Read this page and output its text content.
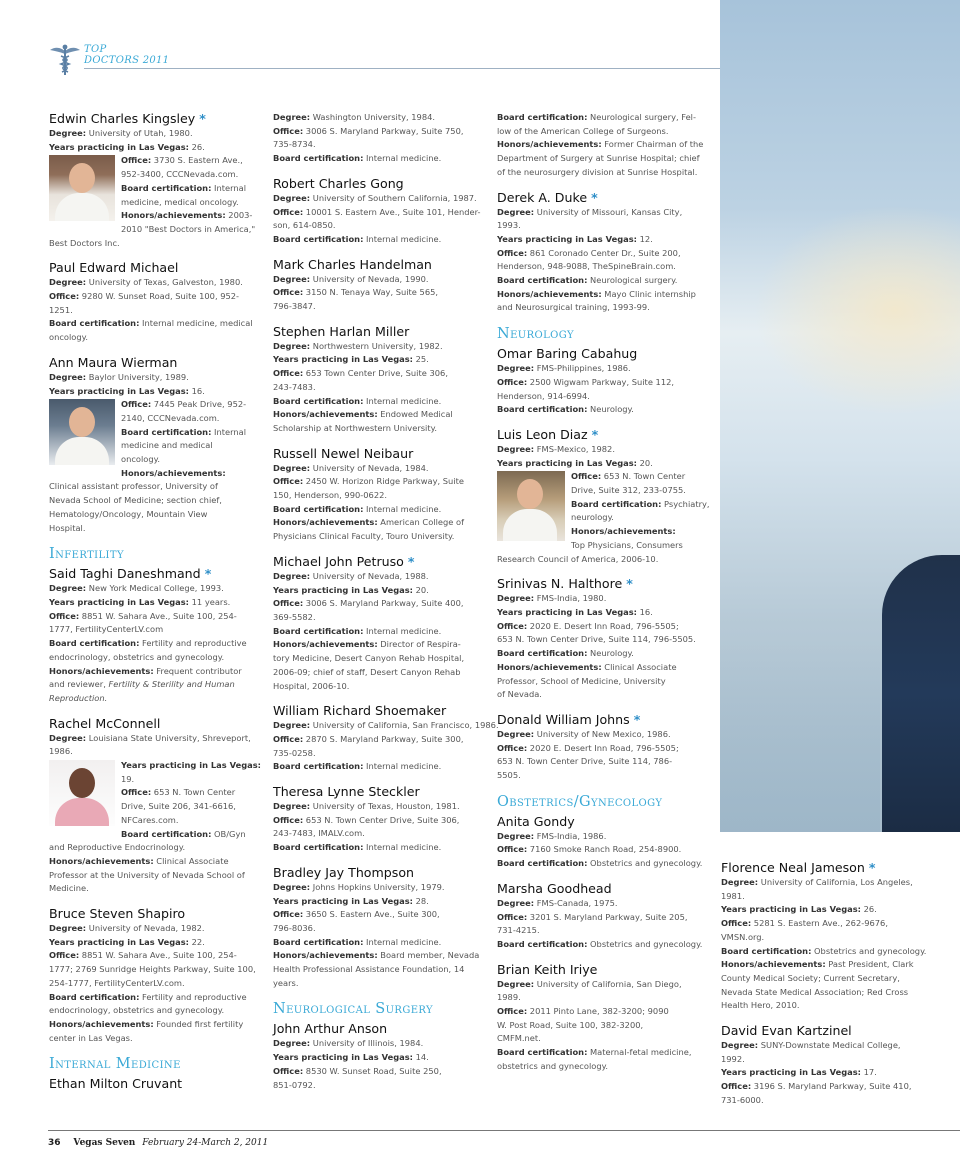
TOP
DOCTORS 2011
Edwin Charles Kingsley *
Degree: University of Utah, 1980.
Years practicing in Las Vegas: 26.
Office: 3730 S. Eastern Ave.,
952-3400, CCCNevada.com.
Board certification: Internal
medicine, medical oncology.
Honors/achievements: 2003-
2010 "Best Doctors in America,"
Best Doctors Inc.
Paul Edward Michael
Degree: University of Texas, Galveston, 1980.
Office: 9280 W. Sunset Road, Suite 100, 952-
1251.
Board certification: Internal medicine, medical
oncology.
Ann Maura Wierman
Degree: Baylor University, 1989.
Years practicing in Las Vegas: 16.
Office: 7445 Peak Drive, 952-
2140, CCCNevada.com.
Board certification: Internal
medicine and medical
oncology.
Honors/achievements:
Clinical assistant professor, University of
Nevada School of Medicine; section chief,
Hematology/Oncology, Mountain View
Hospital.
Infertility
Said Taghi Daneshmand *
Degree: New York Medical College, 1993.
Years practicing in Las Vegas: 11 years.
Office: 8851 W. Sahara Ave., Suite 100, 254-
1777, FertilityCenterLV.com
Board certification: Fertility and reproductive
endocrinology, obstetrics and gynecology.
Honors/achievements: Frequent contributor
and reviewer, Fertility & Sterility and Human
Reproduction.
Rachel McConnell
Degree: Louisiana State University, Shreveport,
1986.
Years practicing in Las Vegas:
19.
Office: 653 N. Town Center
Drive, Suite 206, 341-6616,
NFCares.com.
Board certification: OB/Gyn
and Reproductive Endocrinology.
Honors/achievements: Clinical Associate
Professor at the University of Nevada School of
Medicine.
Bruce Steven Shapiro
Degree: University of Nevada, 1982.
Years practicing in Las Vegas: 22.
Office: 8851 W. Sahara Ave., Suite 100, 254-
1777; 2769 Sunridge Heights Parkway, Suite 100,
254-1777, FertilityCenterLV.com.
Board certification: Fertility and reproductive
endocrinology, obstetrics and gynecology.
Honors/achievements: Founded first fertility
center in Las Vegas.
Internal Medicine
Ethan Milton Cruvant
Degree: Washington University, 1984.
Office: 3006 S. Maryland Parkway, Suite 750,
735-8734.
Board certification: Internal medicine.
Robert Charles Gong
Degree: University of Southern California, 1987.
Office: 10001 S. Eastern Ave., Suite 101, Hender-
son, 614-0850.
Board certification: Internal medicine.
Mark Charles Handelman
Degree: University of Nevada, 1990.
Office: 3150 N. Tenaya Way, Suite 565,
796-3847.
Stephen Harlan Miller
Degree: Northwestern University, 1982.
Years practicing in Las Vegas: 25.
Office: 653 Town Center Drive, Suite 306,
243-7483.
Board certification: Internal medicine.
Honors/achievements: Endowed Medical
Scholarship at Northwestern University.
Russell Newel Neibaur
Degree: University of Nevada, 1984.
Office: 2450 W. Horizon Ridge Parkway, Suite
150, Henderson, 990-0622.
Board certification: Internal medicine.
Honors/achievements: American College of
Physicians Clinical Faculty, Touro University.
Michael John Petruso *
Degree: University of Nevada, 1988.
Years practicing in Las Vegas: 20.
Office: 3006 S. Maryland Parkway, Suite 400,
369-5582.
Board certification: Internal medicine.
Honors/achievements: Director of Respira-
tory Medicine, Desert Canyon Rehab Hospital,
2006-09; chief of staff, Desert Canyon Rehab
Hospital, 2006-10.
William Richard Shoemaker
Degree: University of California, San Francisco, 1986.
Office: 2870 S. Maryland Parkway, Suite 300,
735-0258.
Board certification: Internal medicine.
Theresa Lynne Steckler
Degree: University of Texas, Houston, 1981.
Office: 653 N. Town Center Drive, Suite 306,
243-7483, IMALV.com.
Board certification: Internal medicine.
Bradley Jay Thompson
Degree: Johns Hopkins University, 1979.
Years practicing in Las Vegas: 28.
Office: 3650 S. Eastern Ave., Suite 300,
796-8036.
Board certification: Internal medicine.
Honors/achievements: Board member, Nevada
Health Professional Assistance Foundation, 14
years.
Neurological Surgery
John Arthur Anson
Degree: University of Illinois, 1984.
Years practicing in Las Vegas: 14.
Office: 8530 W. Sunset Road, Suite 250,
851-0792.
Board certification: Neurological surgery, Fel-
low of the American College of Surgeons.
Honors/achievements: Former Chairman of the
Department of Surgery at Sunrise Hospital; chief
of the neurosurgery division at Sunrise Hospital.
Derek A. Duke *
Degree: University of Missouri, Kansas City,
1993.
Years practicing in Las Vegas: 12.
Office: 861 Coronado Center Dr., Suite 200,
Henderson, 948-9088, TheSpineBrain.com.
Board certification: Neurological surgery.
Honors/achievements: Mayo Clinic internship
and Neurosurgical training, 1993-99.
Neurology
Omar Baring Cabahug
Degree: FMS-Philippines, 1986.
Office: 2500 Wigwam Parkway, Suite 112,
Henderson, 914-6994.
Board certification: Neurology.
Luis Leon Diaz *
Degree: FMS-Mexico, 1982.
Years practicing in Las Vegas: 20.
Office: 653 N. Town Center
Drive, Suite 312, 233-0755.
Board certification: Psychiatry,
neurology.
Honors/achievements:
Top Physicians, Consumers
Research Council of America, 2006-10.
Srinivas N. Halthore *
Degree: FMS-India, 1980.
Years practicing in Las Vegas: 16.
Office: 2020 E. Desert Inn Road, 796-5505;
653 N. Town Center Drive, Suite 114, 796-5505.
Board certification: Neurology.
Honors/achievements: Clinical Associate
Professor, School of Medicine, University
of Nevada.
Donald William Johns *
Degree: University of New Mexico, 1986.
Office: 2020 E. Desert Inn Road, 796-5505;
653 N. Town Center Drive, Suite 114, 786-
5505.
Obstetrics/Gynecology
Anita Gondy
Degree: FMS-India, 1986.
Office: 7160 Smoke Ranch Road, 254-8900.
Board certification: Obstetrics and gynecology.
Marsha Goodhead
Degree: FMS-Canada, 1975.
Office: 3201 S. Maryland Parkway, Suite 205,
731-4215.
Board certification: Obstetrics and gynecology.
Brian Keith Iriye
Degree: University of California, San Diego,
1989.
Office: 2011 Pinto Lane, 382-3200; 9090
W. Post Road, Suite 100, 382-3200,
CMFM.net.
Board certification: Maternal-fetal medicine,
obstetrics and gynecology.
Florence Neal Jameson *
Degree: University of California, Los Angeles,
1981.
Years practicing in Las Vegas: 26.
Office: 5281 S. Eastern Ave., 262-9676,
VMSN.org.
Board certification: Obstetrics and gynecology.
Honors/achievements: Past President, Clark
County Medical Society; Current Secretary,
Nevada State Medical Association; Red Cross
Health Hero, 2010.
David Evan Kartzinel
Degree: SUNY-Downstate Medical College,
1992.
Years practicing in Las Vegas: 17.
Office: 3196 S. Maryland Parkway, Suite 410,
731-6000.
36 Vegas Seven February 24-March 2, 2011
